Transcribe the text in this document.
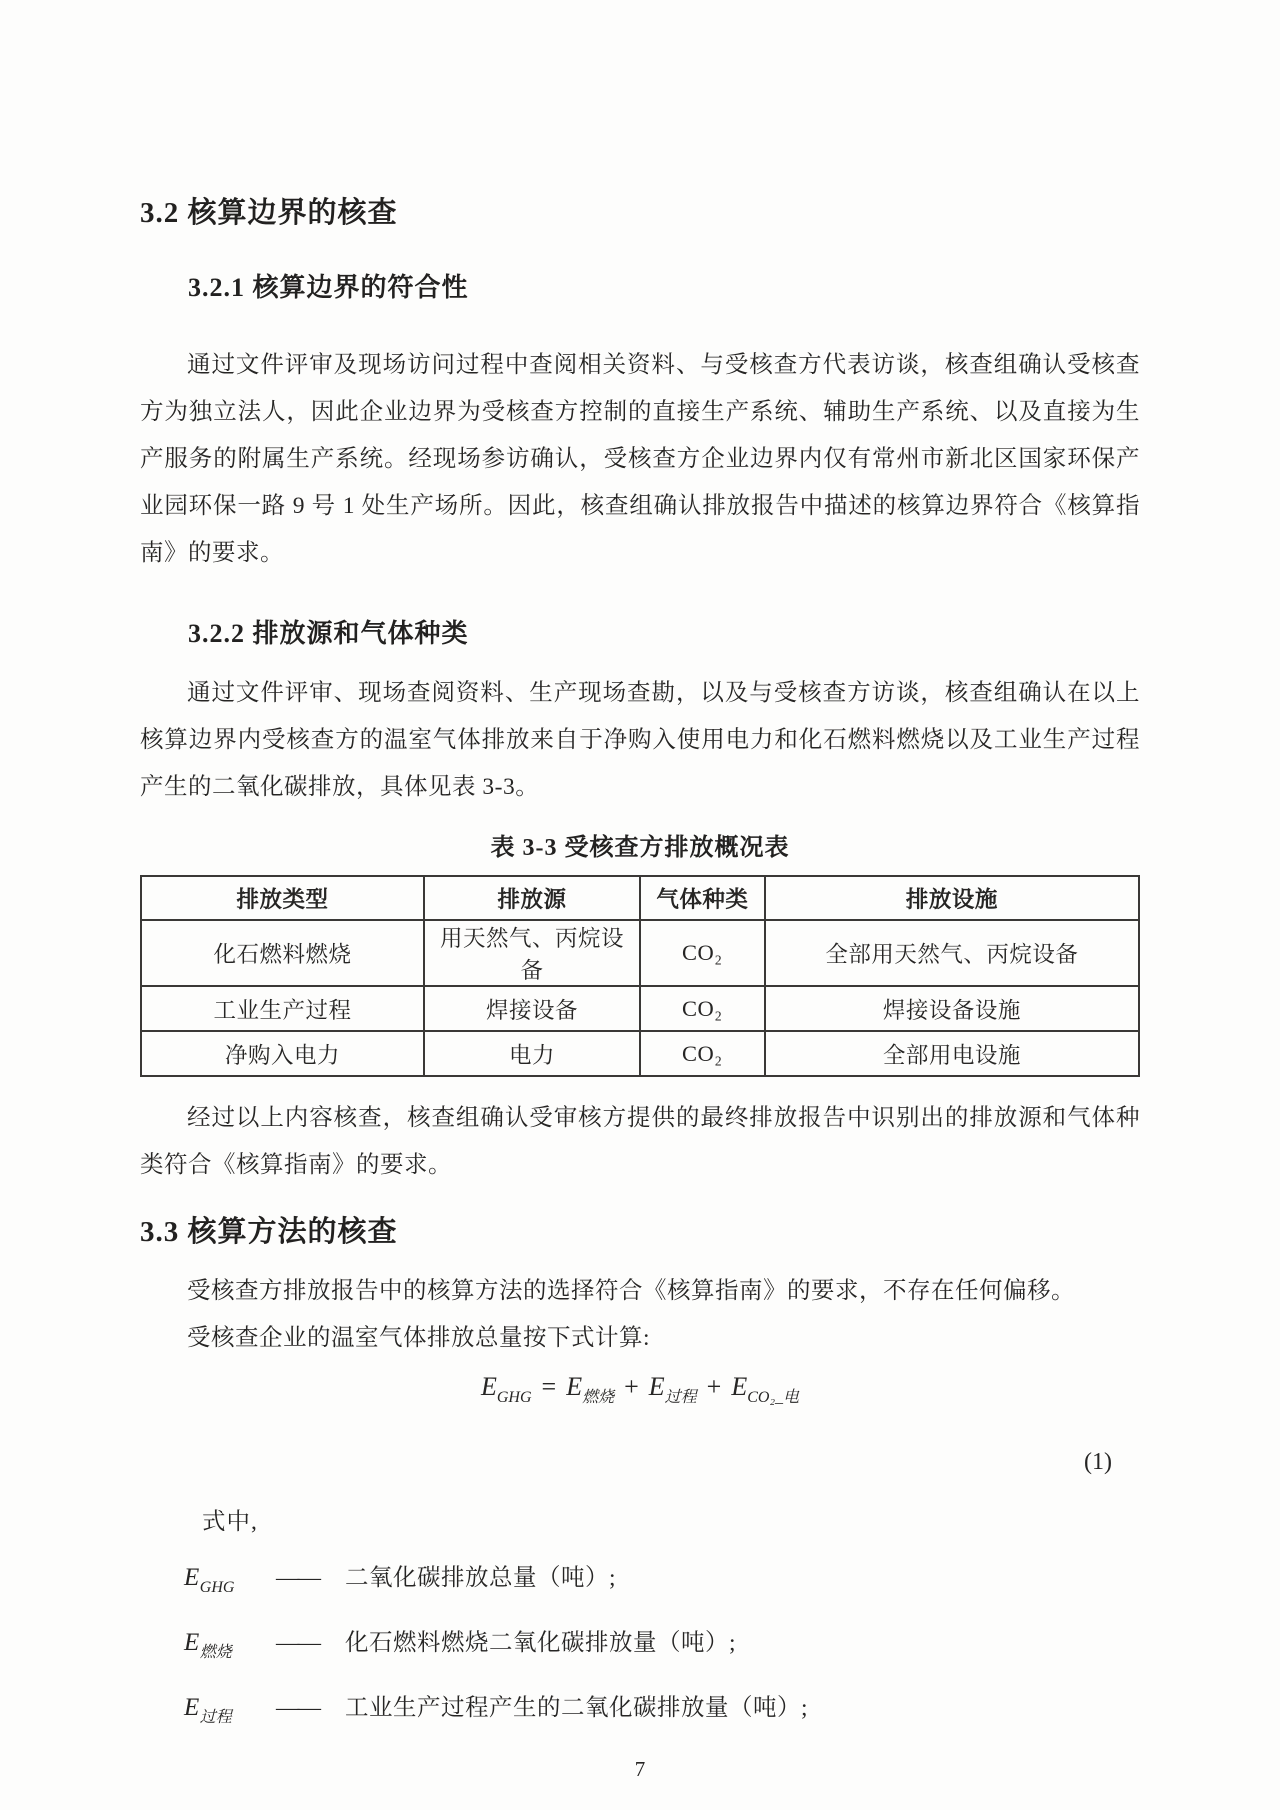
3.2 核算边界的核查
3.2.1 核算边界的符合性

通过文件评审及现场访问过程中查阅相关资料、与受核查方代表访谈，核查组确认受核查方为独立法人，因此企业边界为受核查方控制的直接生产系统、辅助生产系统、以及直接为生产服务的附属生产系统。经现场参访确认，受核查方企业边界内仅有常州市新北区国家环保产业园环保一路 9 号 1 处生产场所。因此，核查组确认排放报告中描述的核算边界符合《核算指南》的要求。

3.2.2 排放源和气体种类

通过文件评审、现场查阅资料、生产现场查勘，以及与受核查方访谈，核查组确认在以上核算边界内受核查方的温室气体排放来自于净购入使用电力和化石燃料燃烧以及工业生产过程产生的二氧化碳排放，具体见表 3-3。

表 3-3 受核查方排放概况表
排放类型	排放源	气体种类	排放设施
化石燃料燃烧	用天然气、丙烷设备	CO₂	全部用天然气、丙烷设备
工业生产过程	焊接设备	CO₂	焊接设备设施
净购入电力	电力	CO₂	全部用电设施

经过以上内容核查，核查组确认受审核方提供的最终排放报告中识别出的排放源和气体种类符合《核算指南》的要求。

3.3 核算方法的核查
受核查方排放报告中的核算方法的选择符合《核算指南》的要求，不存在任何偏移。
受核查企业的温室气体排放总量按下式计算:
$E_{GHG} = E_{燃烧} + E_{过程} + E_{CO_2\_电}$
(1)
式中,
$E_{GHG}$	—— 二氧化碳排放总量（吨）;
$E_{燃烧}$	—— 化石燃料燃烧二氧化碳排放量（吨）;
$E_{过程}$	—— 工业生产过程产生的二氧化碳排放量（吨）;
7
